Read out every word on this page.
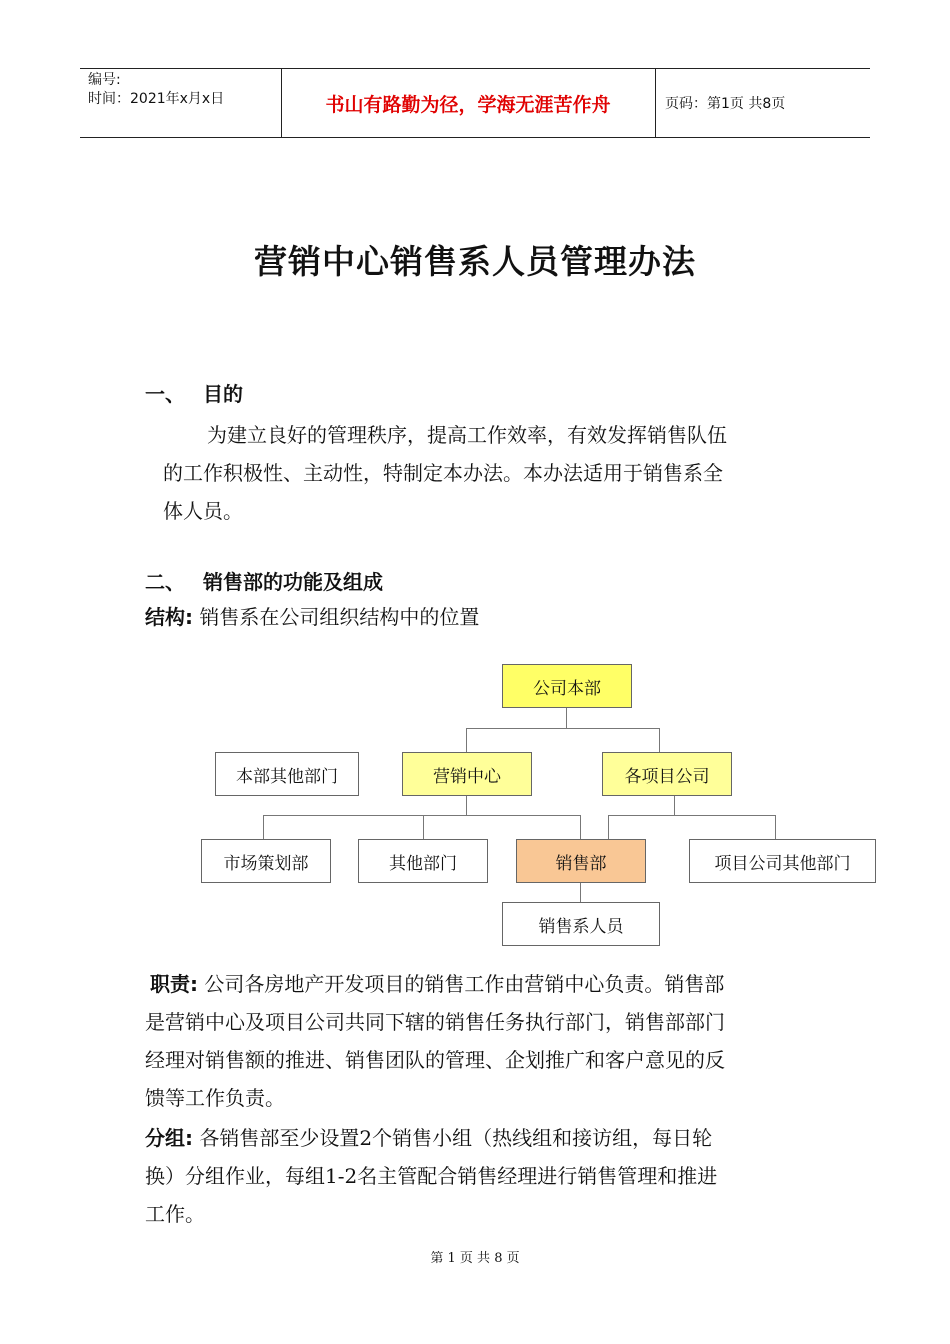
编号:
时间：2021年x月x日	书山有路勤为径，学海无涯苦作舟	页码：第1页 共8页
营销中心销售系人员管理办法
一、 目的
为建立良好的管理秩序，提高工作效率，有效发挥销售队伍
的工作积极性、主动性，特制定本办法。本办法适用于销售系全
体人员。
二、 销售部的功能及组成
结构: 销售系在公司组织结构中的位置
公司本部
本部其他部门	营销中心	各项目公司
市场策划部	其他部门	销售部	项目公司其他部门
销售系人员
职责: 公司各房地产开发项目的销售工作由营销中心负责。销售部
是营销中心及项目公司共同下辖的销售任务执行部门，销售部部门
经理对销售额的推进、销售团队的管理、企划推广和客户意见的反
馈等工作负责。
分组: 各销售部至少设置2个销售小组（热线组和接访组，每日轮
换）分组作业，每组1-2名主管配合销售经理进行销售管理和推进
工作。
第 1 页 共 8 页
